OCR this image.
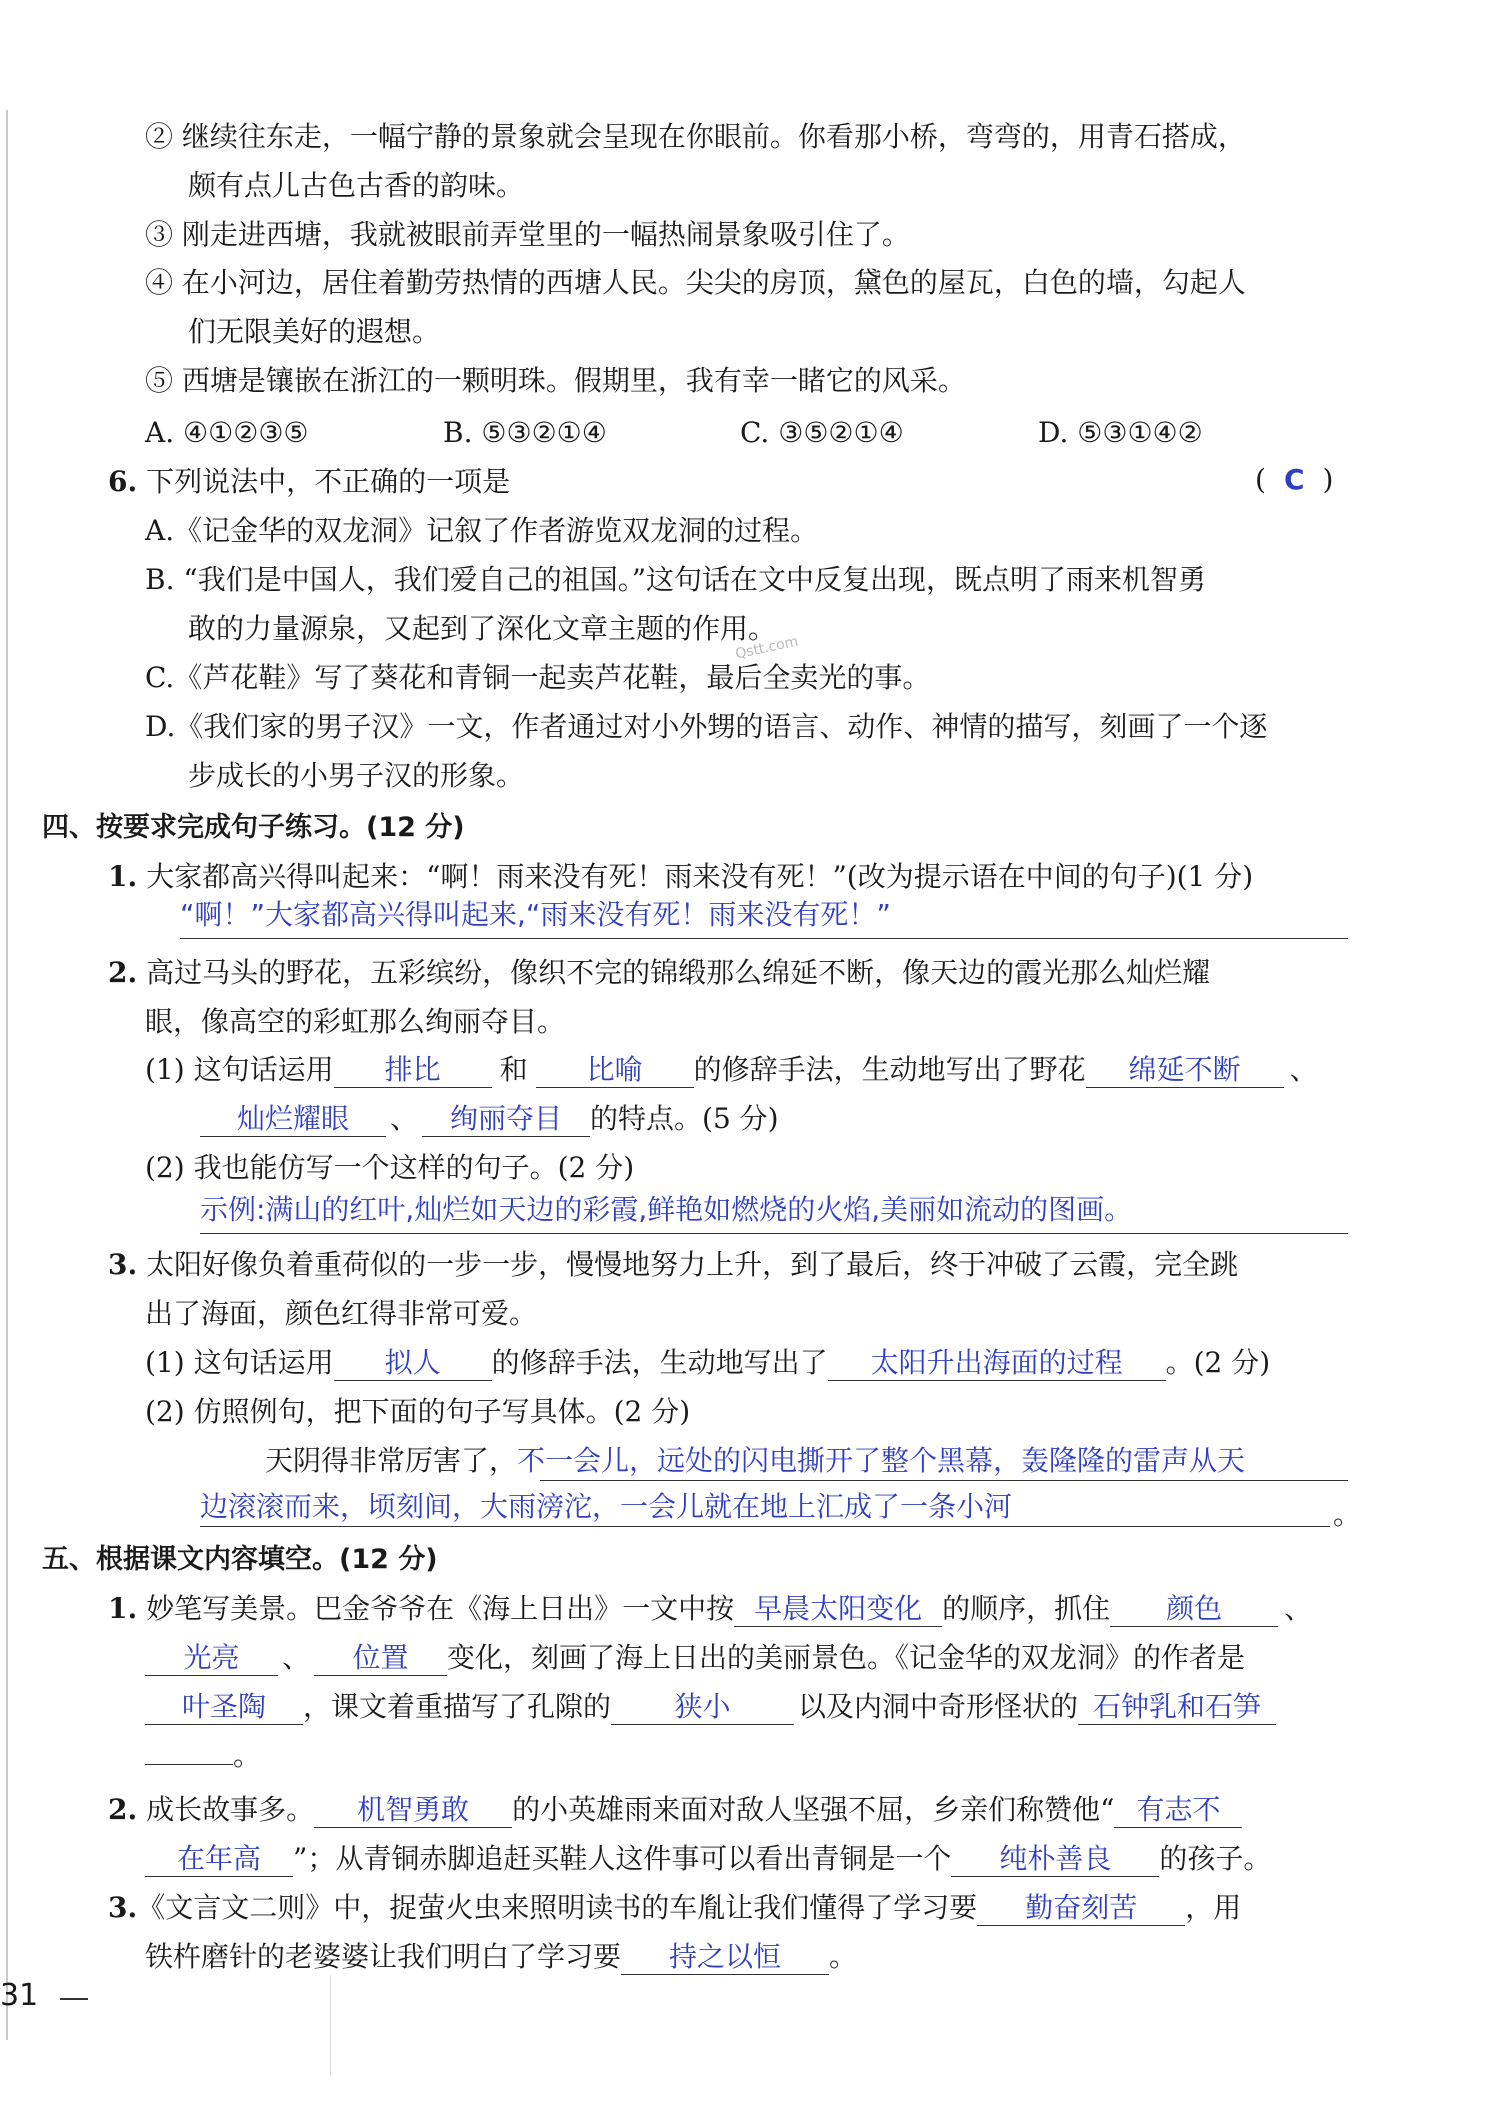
② 继续往东走，一幅宁静的景象就会呈现在你眼前。你看那小桥，弯弯的，用青石搭成，
颇有点儿古色古香的韵味。
③ 刚走进西塘，我就被眼前弄堂里的一幅热闹景象吸引住了。
④ 在小河边，居住着勤劳热情的西塘人民。尖尖的房顶，黛色的屋瓦，白色的墙，勾起人
们无限美好的遐想。
⑤ 西塘是镶嵌在浙江的一颗明珠。假期里，我有幸一睹它的风采。
A. ④①②③⑤	B. ⑤③②①④	C. ③⑤②①④	D. ⑤③①④②
6. 下列说法中，不正确的一项是	( C )
A.《记金华的双龙洞》记叙了作者游览双龙洞的过程。
B. “我们是中国人，我们爱自己的祖国。”这句话在文中反复出现，既点明了雨来机智勇
敢的力量源泉，又起到了深化文章主题的作用。
C.《芦花鞋》写了葵花和青铜一起卖芦花鞋，最后全卖光的事。
D.《我们家的男子汉》一文，作者通过对小外甥的语言、动作、神情的描写，刻画了一个逐
步成长的小男子汉的形象。
Qstt.com
四、按要求完成句子练习。(12 分)
1. 大家都高兴得叫起来：“啊！雨来没有死！雨来没有死！”(改为提示语在中间的句子)(1 分)
“啊！”大家都高兴得叫起来,“雨来没有死！雨来没有死！”
2. 高过马头的野花，五彩缤纷，像织不完的锦缎那么绵延不断，像天边的霞光那么灿烂耀
眼，像高空的彩虹那么绚丽夺目。
(1) 这句话运用 排比 和 比喻 的修辞手法，生动地写出了野花 绵延不断 、
灿烂耀眼 、 绚丽夺目 的特点。(5 分)
(2) 我也能仿写一个这样的句子。(2 分)
示例:满山的红叶,灿烂如天边的彩霞,鲜艳如燃烧的火焰,美丽如流动的图画。
3. 太阳好像负着重荷似的一步一步，慢慢地努力上升，到了最后，终于冲破了云霞，完全跳
出了海面，颜色红得非常可爱。
(1) 这句话运用 拟人 的修辞手法，生动地写出了 太阳升出海面的过程 。(2 分)
(2) 仿照例句，把下面的句子写具体。(2 分)
天阴得非常厉害了，不一会儿，远处的闪电撕开了整个黑幕，轰隆隆的雷声从天
边滚滚而来，顷刻间，大雨滂沱，一会儿就在地上汇成了一条小河	。
五、根据课文内容填空。(12 分)
1. 妙笔写美景。巴金爷爷在《海上日出》一文中按 早晨太阳变化 的顺序，抓住 颜色 、
光亮 、 位置 变化，刻画了海上日出的美丽景色。《记金华的双龙洞》的作者是
叶圣陶 ，课文着重描写了孔隙的 狭小 以及内洞中奇形怪状的 石钟乳和石笋
。
2. 成长故事多。 机智勇敢 的小英雄雨来面对敌人坚强不屈，乡亲们称赞他“ 有志不
在年高 ”；从青铜赤脚追赶买鞋人这件事可以看出青铜是一个 纯朴善良 的孩子。
3.《文言文二则》中，捉萤火虫来照明读书的车胤让我们懂得了学习要 勤奋刻苦 ，用
铁杵磨针的老婆婆让我们明白了学习要 持之以恒 。
31
